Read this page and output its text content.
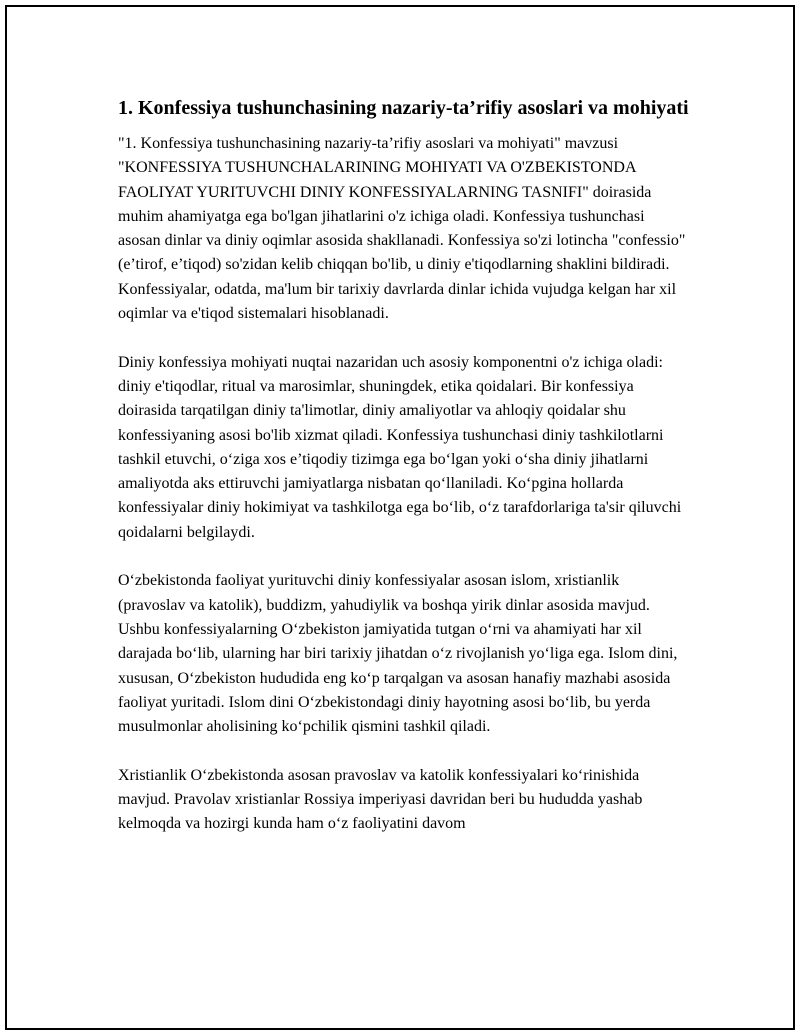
1. Konfessiya tushunchasining nazariy-ta’rifiy asoslari va mohiyati

"1. Konfessiya tushunchasining nazariy-ta’rifiy asoslari va mohiyati" mavzusi "KONFESSIYA TUSHUNCHALARINING MOHIYATI VA O'ZBEKISTONDA FAOLIYAT YURITUVCHI DINIY KONFESSIYALARNING TASNIFI" doirasida muhim ahamiyatga ega bo'lgan jihatlarini o'z ichiga oladi. Konfessiya tushunchasi asosan dinlar va diniy oqimlar asosida shakllanadi. Konfessiya so'zi lotincha "confessio" (e’tirof, e’tiqod) so'zidan kelib chiqqan bo'lib, u diniy e'tiqodlarning shaklini bildiradi. Konfessiyalar, odatda, ma'lum bir tarixiy davrlarda dinlar ichida vujudga kelgan har xil oqimlar va e'tiqod sistemalari hisoblanadi.

Diniy konfessiya mohiyati nuqtai nazaridan uch asosiy komponentni o'z ichiga oladi: diniy e'tiqodlar, ritual va marosimlar, shuningdek, etika qoidalari. Bir konfessiya doirasida tarqatilgan diniy ta'limotlar, diniy amaliyotlar va ahloqiy qoidalar shu konfessiyaning asosi bo'lib xizmat qiladi. Konfessiya tushunchasi diniy tashkilotlarni tashkil etuvchi, o‘ziga xos e’tiqodiy tizimga ega bo‘lgan yoki o‘sha diniy jihatlarni amaliyotda aks ettiruvchi jamiyatlarga nisbatan qo‘llaniladi. Ko‘pgina hollarda konfessiyalar diniy hokimiyat va tashkilotga ega bo‘lib, o‘z tarafdorlariga ta'sir qiluvchi qoidalarni belgilaydi.

O‘zbekistonda faoliyat yurituvchi diniy konfessiyalar asosan islom, xristianlik (pravoslav va katolik), buddizm, yahudiylik va boshqa yirik dinlar asosida mavjud. Ushbu konfessiyalarning O‘zbekiston jamiyatida tutgan o‘rni va ahamiyati har xil darajada bo‘lib, ularning har biri tarixiy jihatdan o‘z rivojlanish yo‘liga ega. Islom dini, xususan, O‘zbekiston hududida eng ko‘p tarqalgan va asosan hanafiy mazhabi asosida faoliyat yuritadi. Islom dini O‘zbekistondagi diniy hayotning asosi bo‘lib, bu yerda musulmonlar aholisining ko‘pchilik qismini tashkil qiladi.

Xristianlik O‘zbekistonda asosan pravoslav va katolik konfessiyalari ko‘rinishida mavjud. Pravolav xristianlar Rossiya imperiyasi davridan beri bu hududda yashab kelmoqda va hozirgi kunda ham o‘z faoliyatini davom
